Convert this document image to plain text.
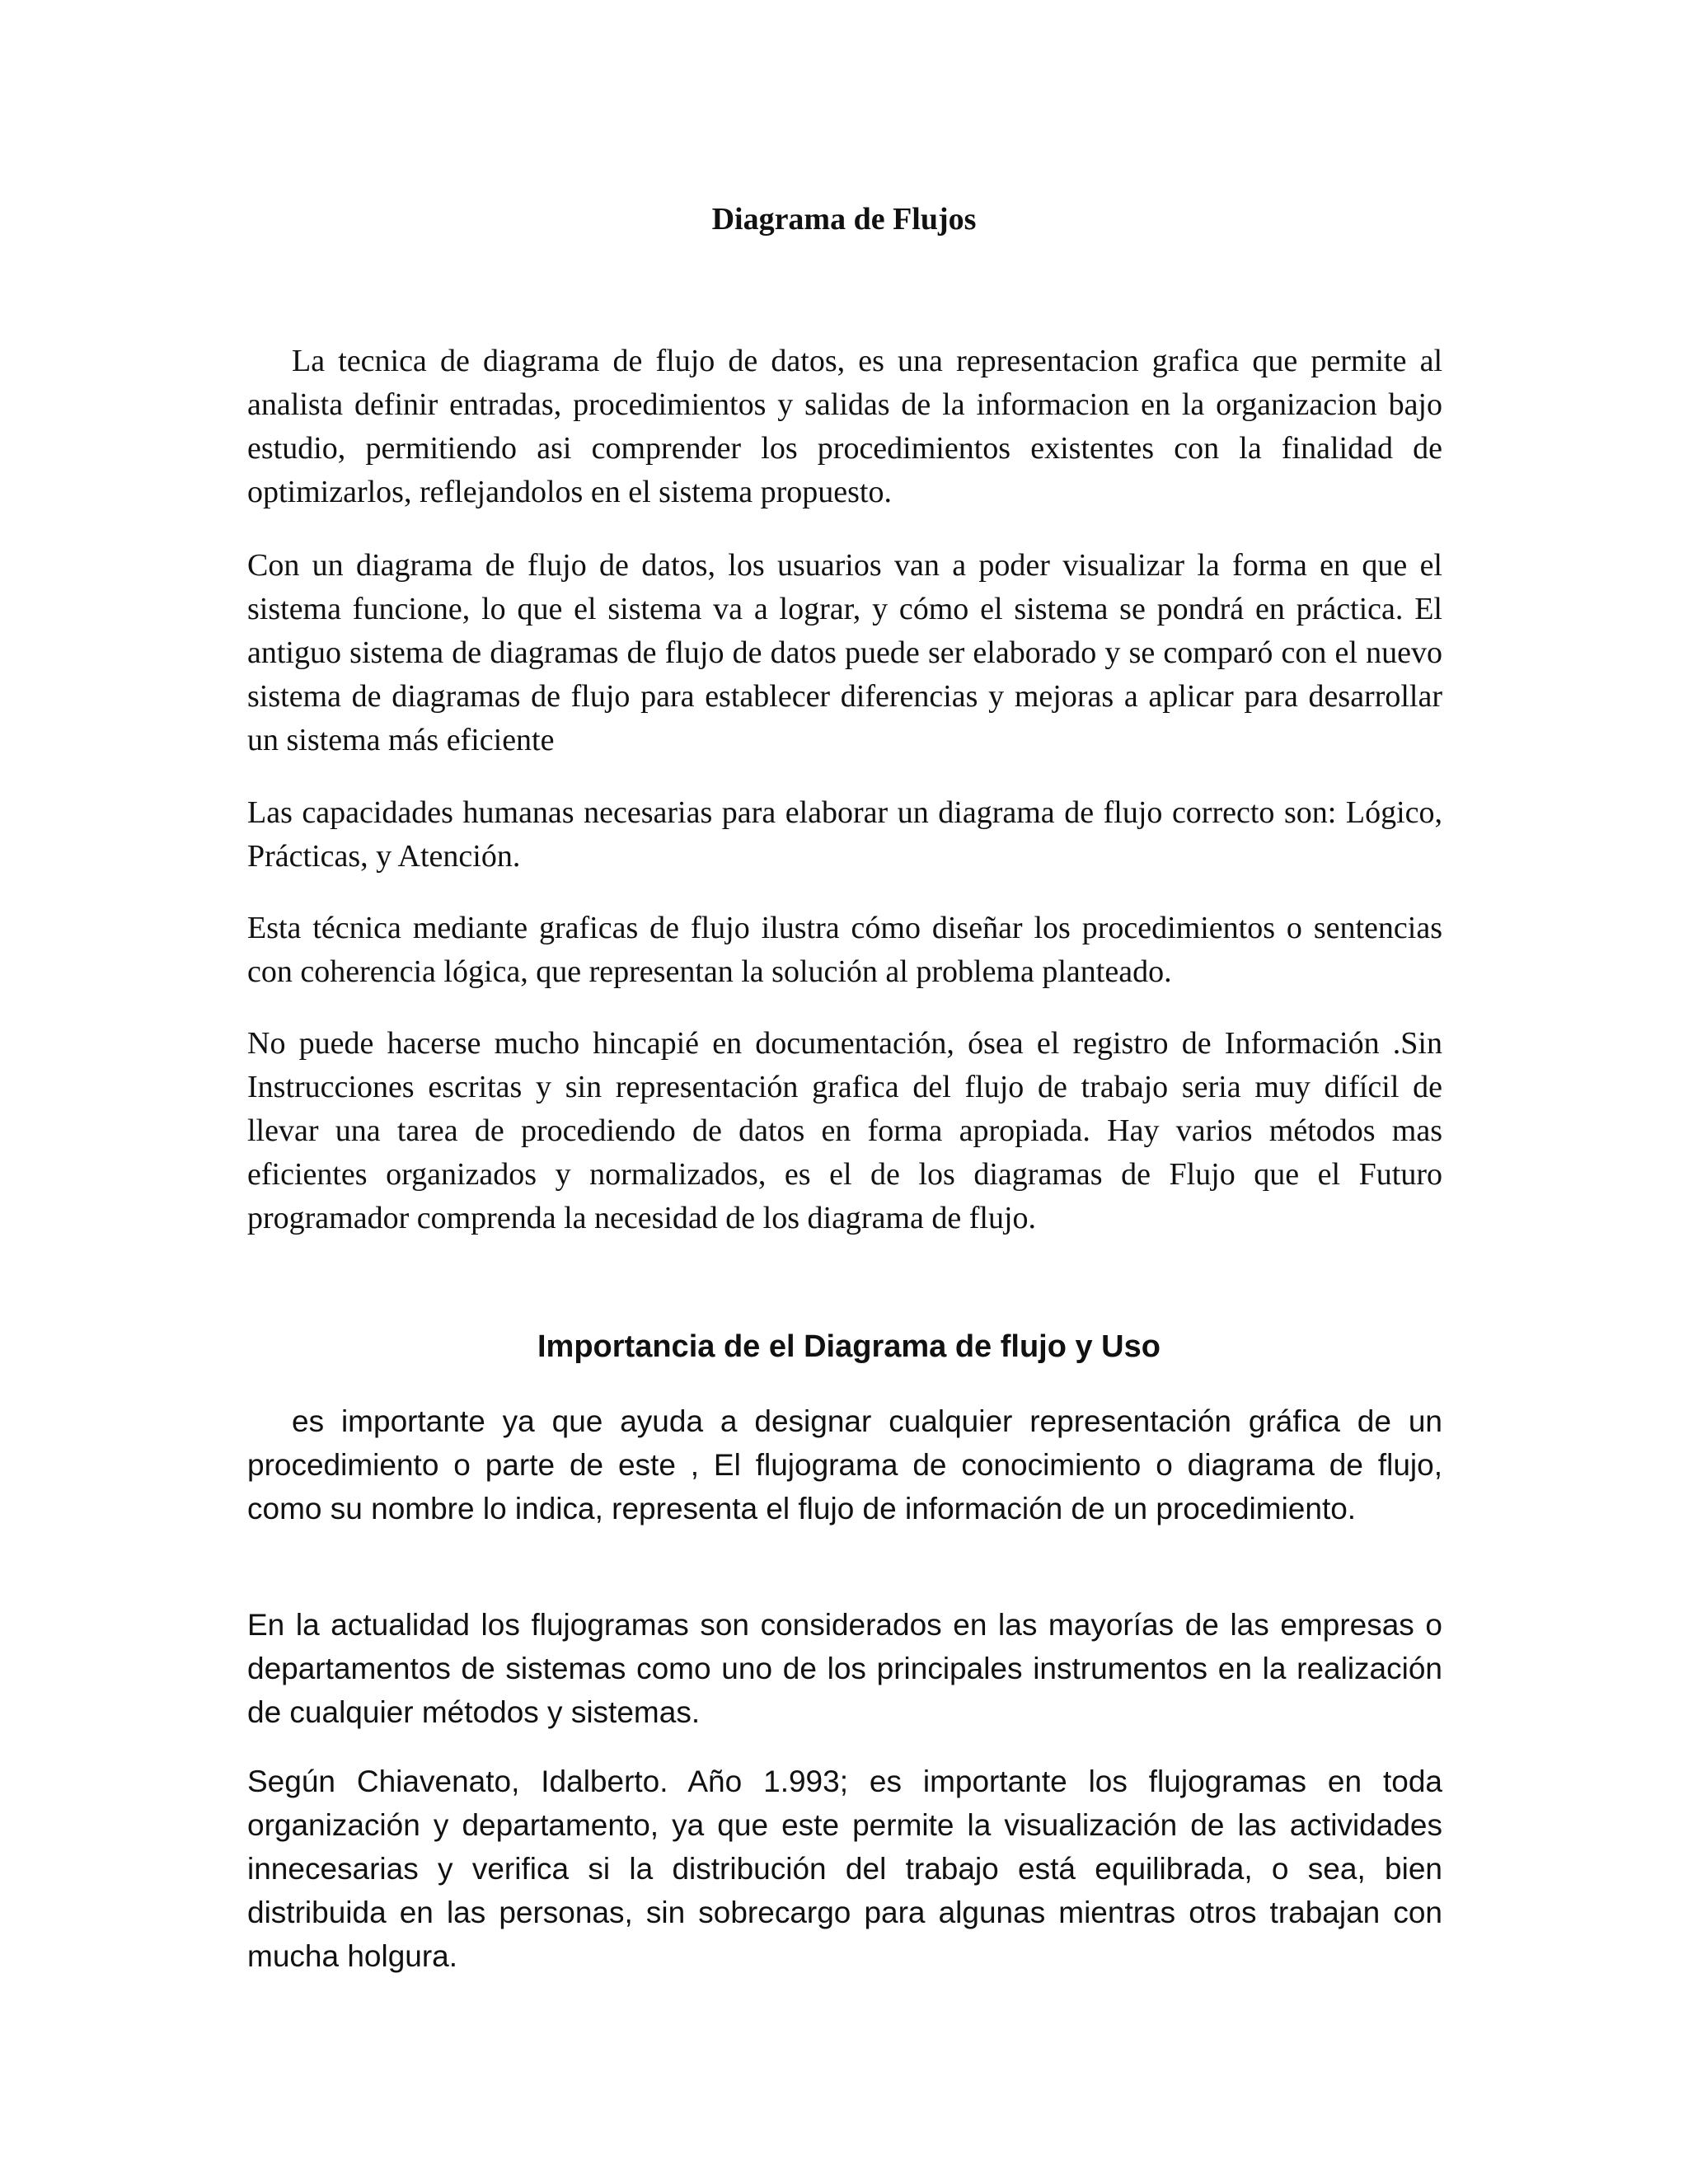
Diagrama de Flujos

La tecnica de diagrama de flujo de datos, es una representacion grafica que permite al analista definir entradas, procedimientos y salidas de la informacion en la organizacion bajo estudio, permitiendo asi comprender los procedimientos existentes con la finalidad de optimizarlos, reflejandolos en el sistema propuesto.

Con un diagrama de flujo de datos, los usuarios van a poder visualizar la forma en que el sistema funcione, lo que el sistema va a lograr, y cómo el sistema se pondrá en práctica. El antiguo sistema de diagramas de flujo de datos puede ser elaborado y se comparó con el nuevo sistema de diagramas de flujo para establecer diferencias y mejoras a aplicar para desarrollar un sistema más eficiente

Las capacidades humanas necesarias para elaborar un diagrama de flujo correcto son: Lógico, Prácticas, y Atención.

Esta técnica mediante graficas de flujo ilustra cómo diseñar los procedimientos o sentencias con coherencia lógica, que representan la solución al problema planteado.

No puede hacerse mucho hincapié en documentación, ósea el registro de Información .Sin Instrucciones escritas y sin representación grafica del flujo de trabajo seria muy difícil de llevar una tarea de procediendo de datos en forma apropiada. Hay varios métodos mas eficientes organizados y normalizados, es el de los diagramas de Flujo que el Futuro programador comprenda la necesidad de los diagrama de flujo.

Importancia de el Diagrama de flujo y Uso

es importante ya que ayuda a designar cualquier representación gráfica de un procedimiento o parte de este , El flujograma de conocimiento o diagrama de flujo, como su nombre lo indica, representa el flujo de información de un procedimiento.

En la actualidad los flujogramas son considerados en las mayorías de las empresas o departamentos de sistemas como uno de los principales instrumentos en la realización de cualquier métodos y sistemas.

Según Chiavenato, Idalberto. Año 1.993; es importante los flujogramas en toda organización y departamento, ya que este permite la visualización de las actividades innecesarias y verifica si la distribución del trabajo está equilibrada, o sea, bien distribuida en las personas, sin sobrecargo para algunas mientras otros trabajan con mucha holgura.
